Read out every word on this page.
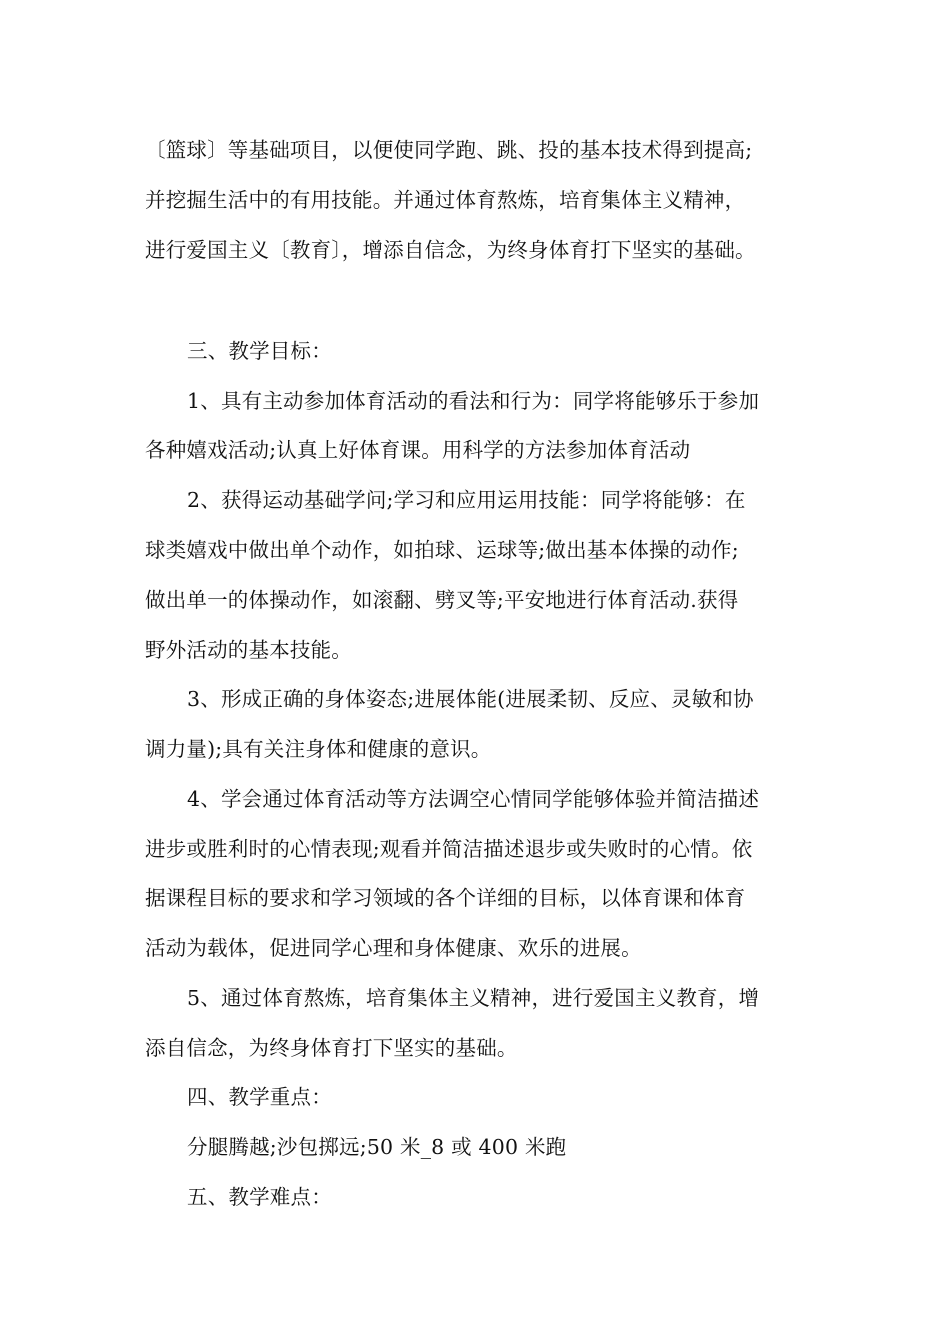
〔篮球〕等基础项目，以便使同学跑、跳、投的基本技术得到提高;
并挖掘生活中的有用技能。并通过体育熬炼，培育集体主义精神，
进行爱国主义〔教育〕，增添自信念，为终身体育打下坚实的基础。
三、教学目标：
1、具有主动参加体育活动的看法和行为：同学将能够乐于参加
各种嬉戏活动;认真上好体育课。用科学的方法参加体育活动
2、获得运动基础学问;学习和应用运用技能：同学将能够：在
球类嬉戏中做出单个动作，如拍球、运球等;做出基本体操的动作;
做出单一的体操动作，如滚翻、劈叉等;平安地进行体育活动.获得
野外活动的基本技能。
3、形成正确的身体姿态;进展体能(进展柔韧、反应、灵敏和协
调力量);具有关注身体和健康的意识。
4、学会通过体育活动等方法调空心情同学能够体验并简洁描述
进步或胜利时的心情表现;观看并简洁描述退步或失败时的心情。依
据课程目标的要求和学习领域的各个详细的目标，以体育课和体育
活动为载体，促进同学心理和身体健康、欢乐的进展。
5、通过体育熬炼，培育集体主义精神，进行爱国主义教育，增
添自信念，为终身体育打下坚实的基础。
四、教学重点：
分腿腾越;沙包掷远;50 米_8 或 400 米跑
五、教学难点：
